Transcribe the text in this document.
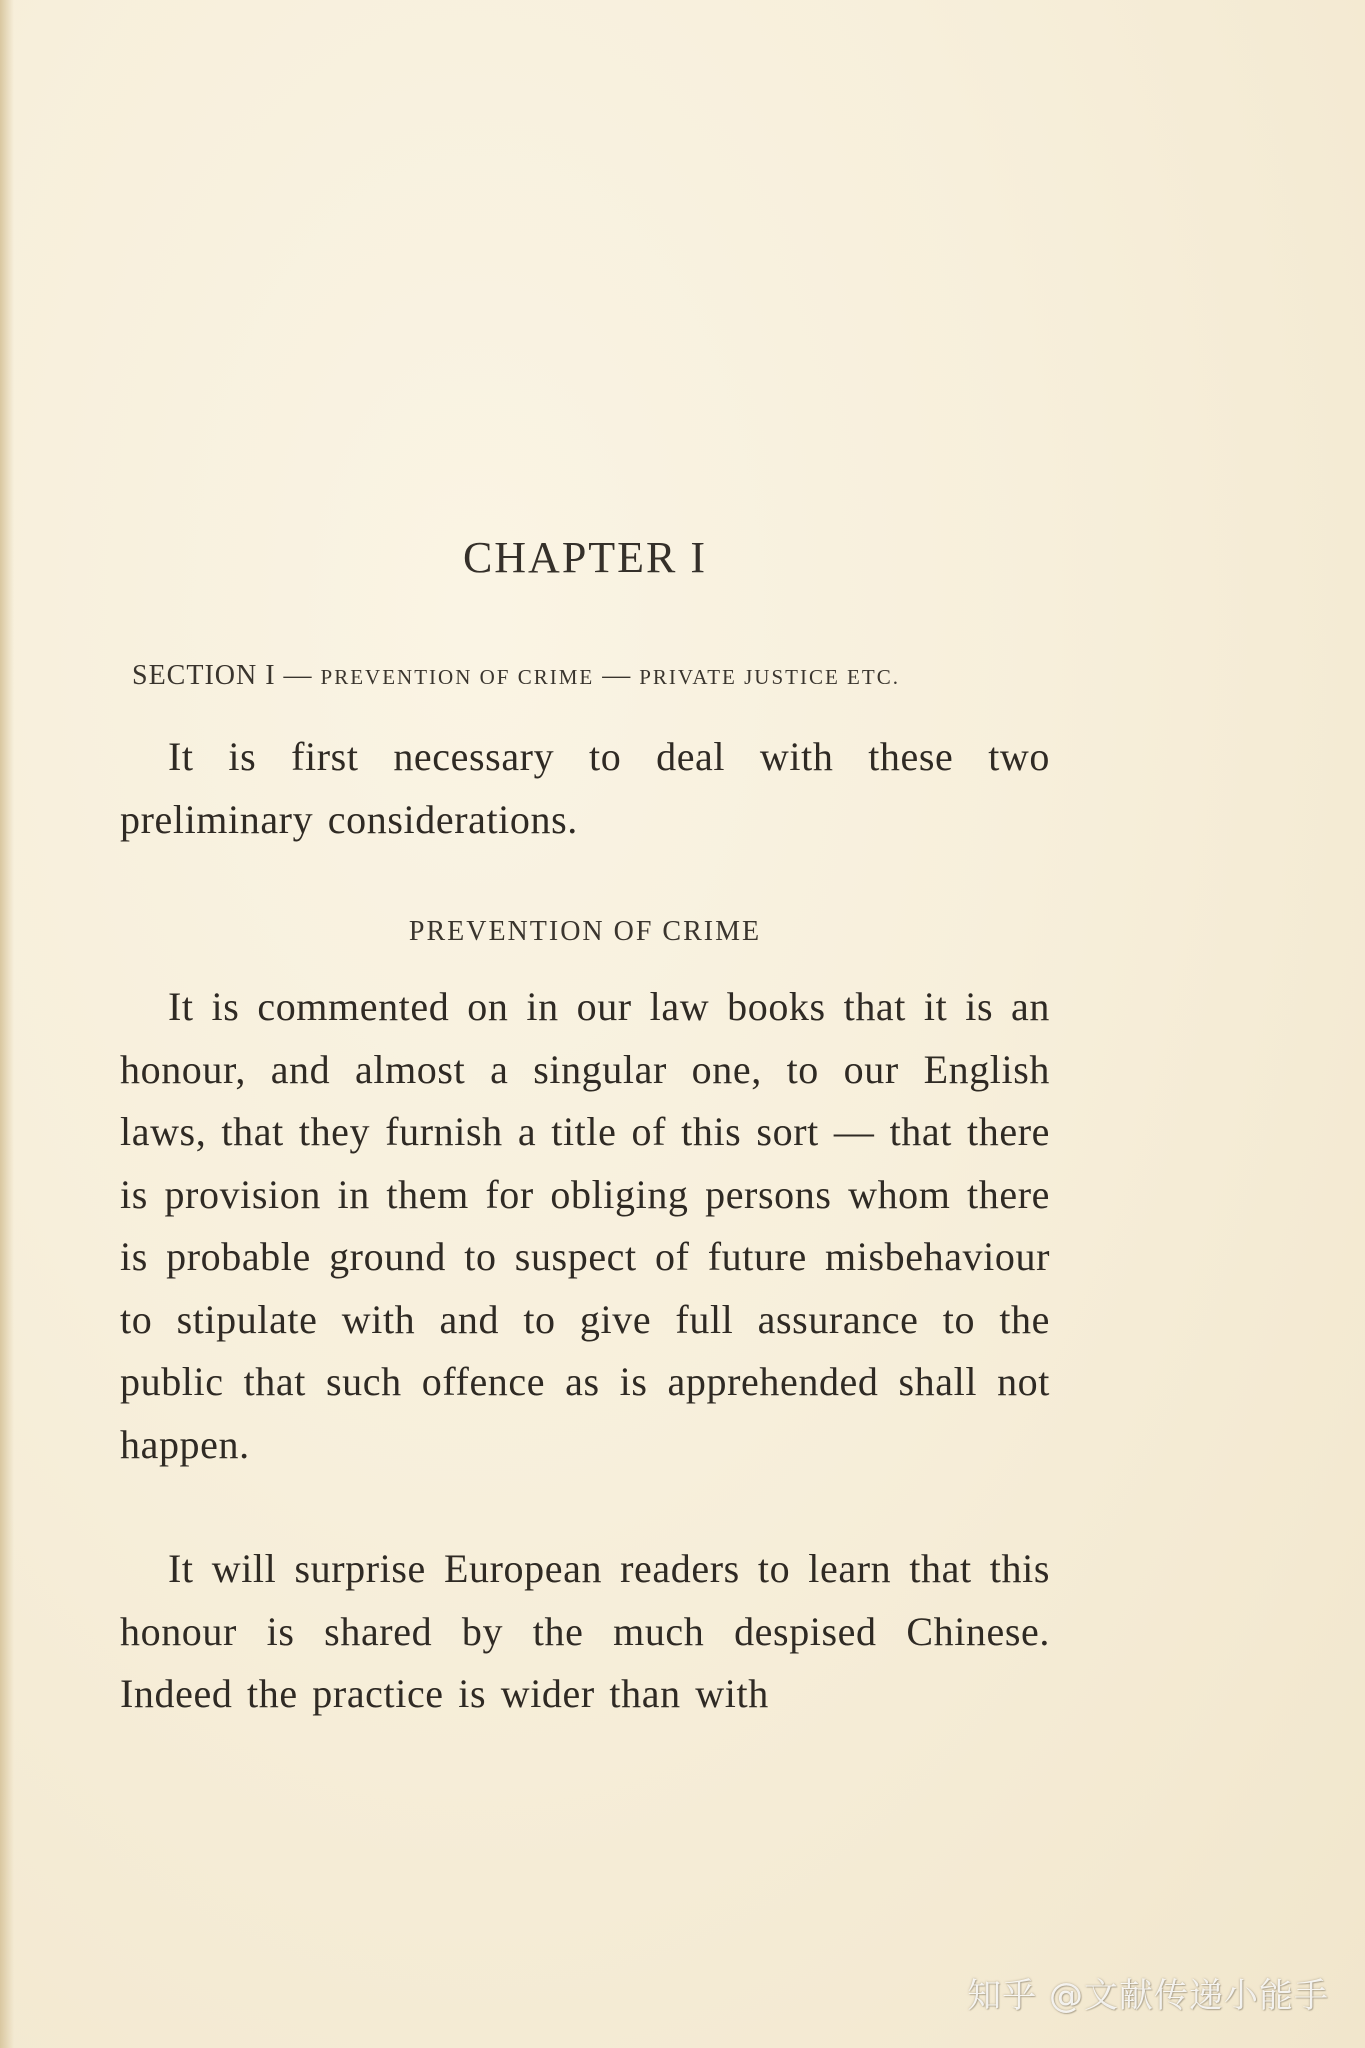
CHAPTER I

SECTION I — PREVENTION OF CRIME — PRIVATE JUSTICE ETC.

It is first necessary to deal with these two preliminary considerations.

PREVENTION OF CRIME

It is commented on in our law books that it is an honour, and almost a singular one, to our English laws, that they furnish a title of this sort — that there is provision in them for obliging persons whom there is probable ground to suspect of future misbehaviour to stipulate with and to give full assurance to the public that such offence as is apprehended shall not happen.

It will surprise European readers to learn that this honour is shared by the much despised Chinese. Indeed the practice is wider than with

知乎 @文献传递小能手
